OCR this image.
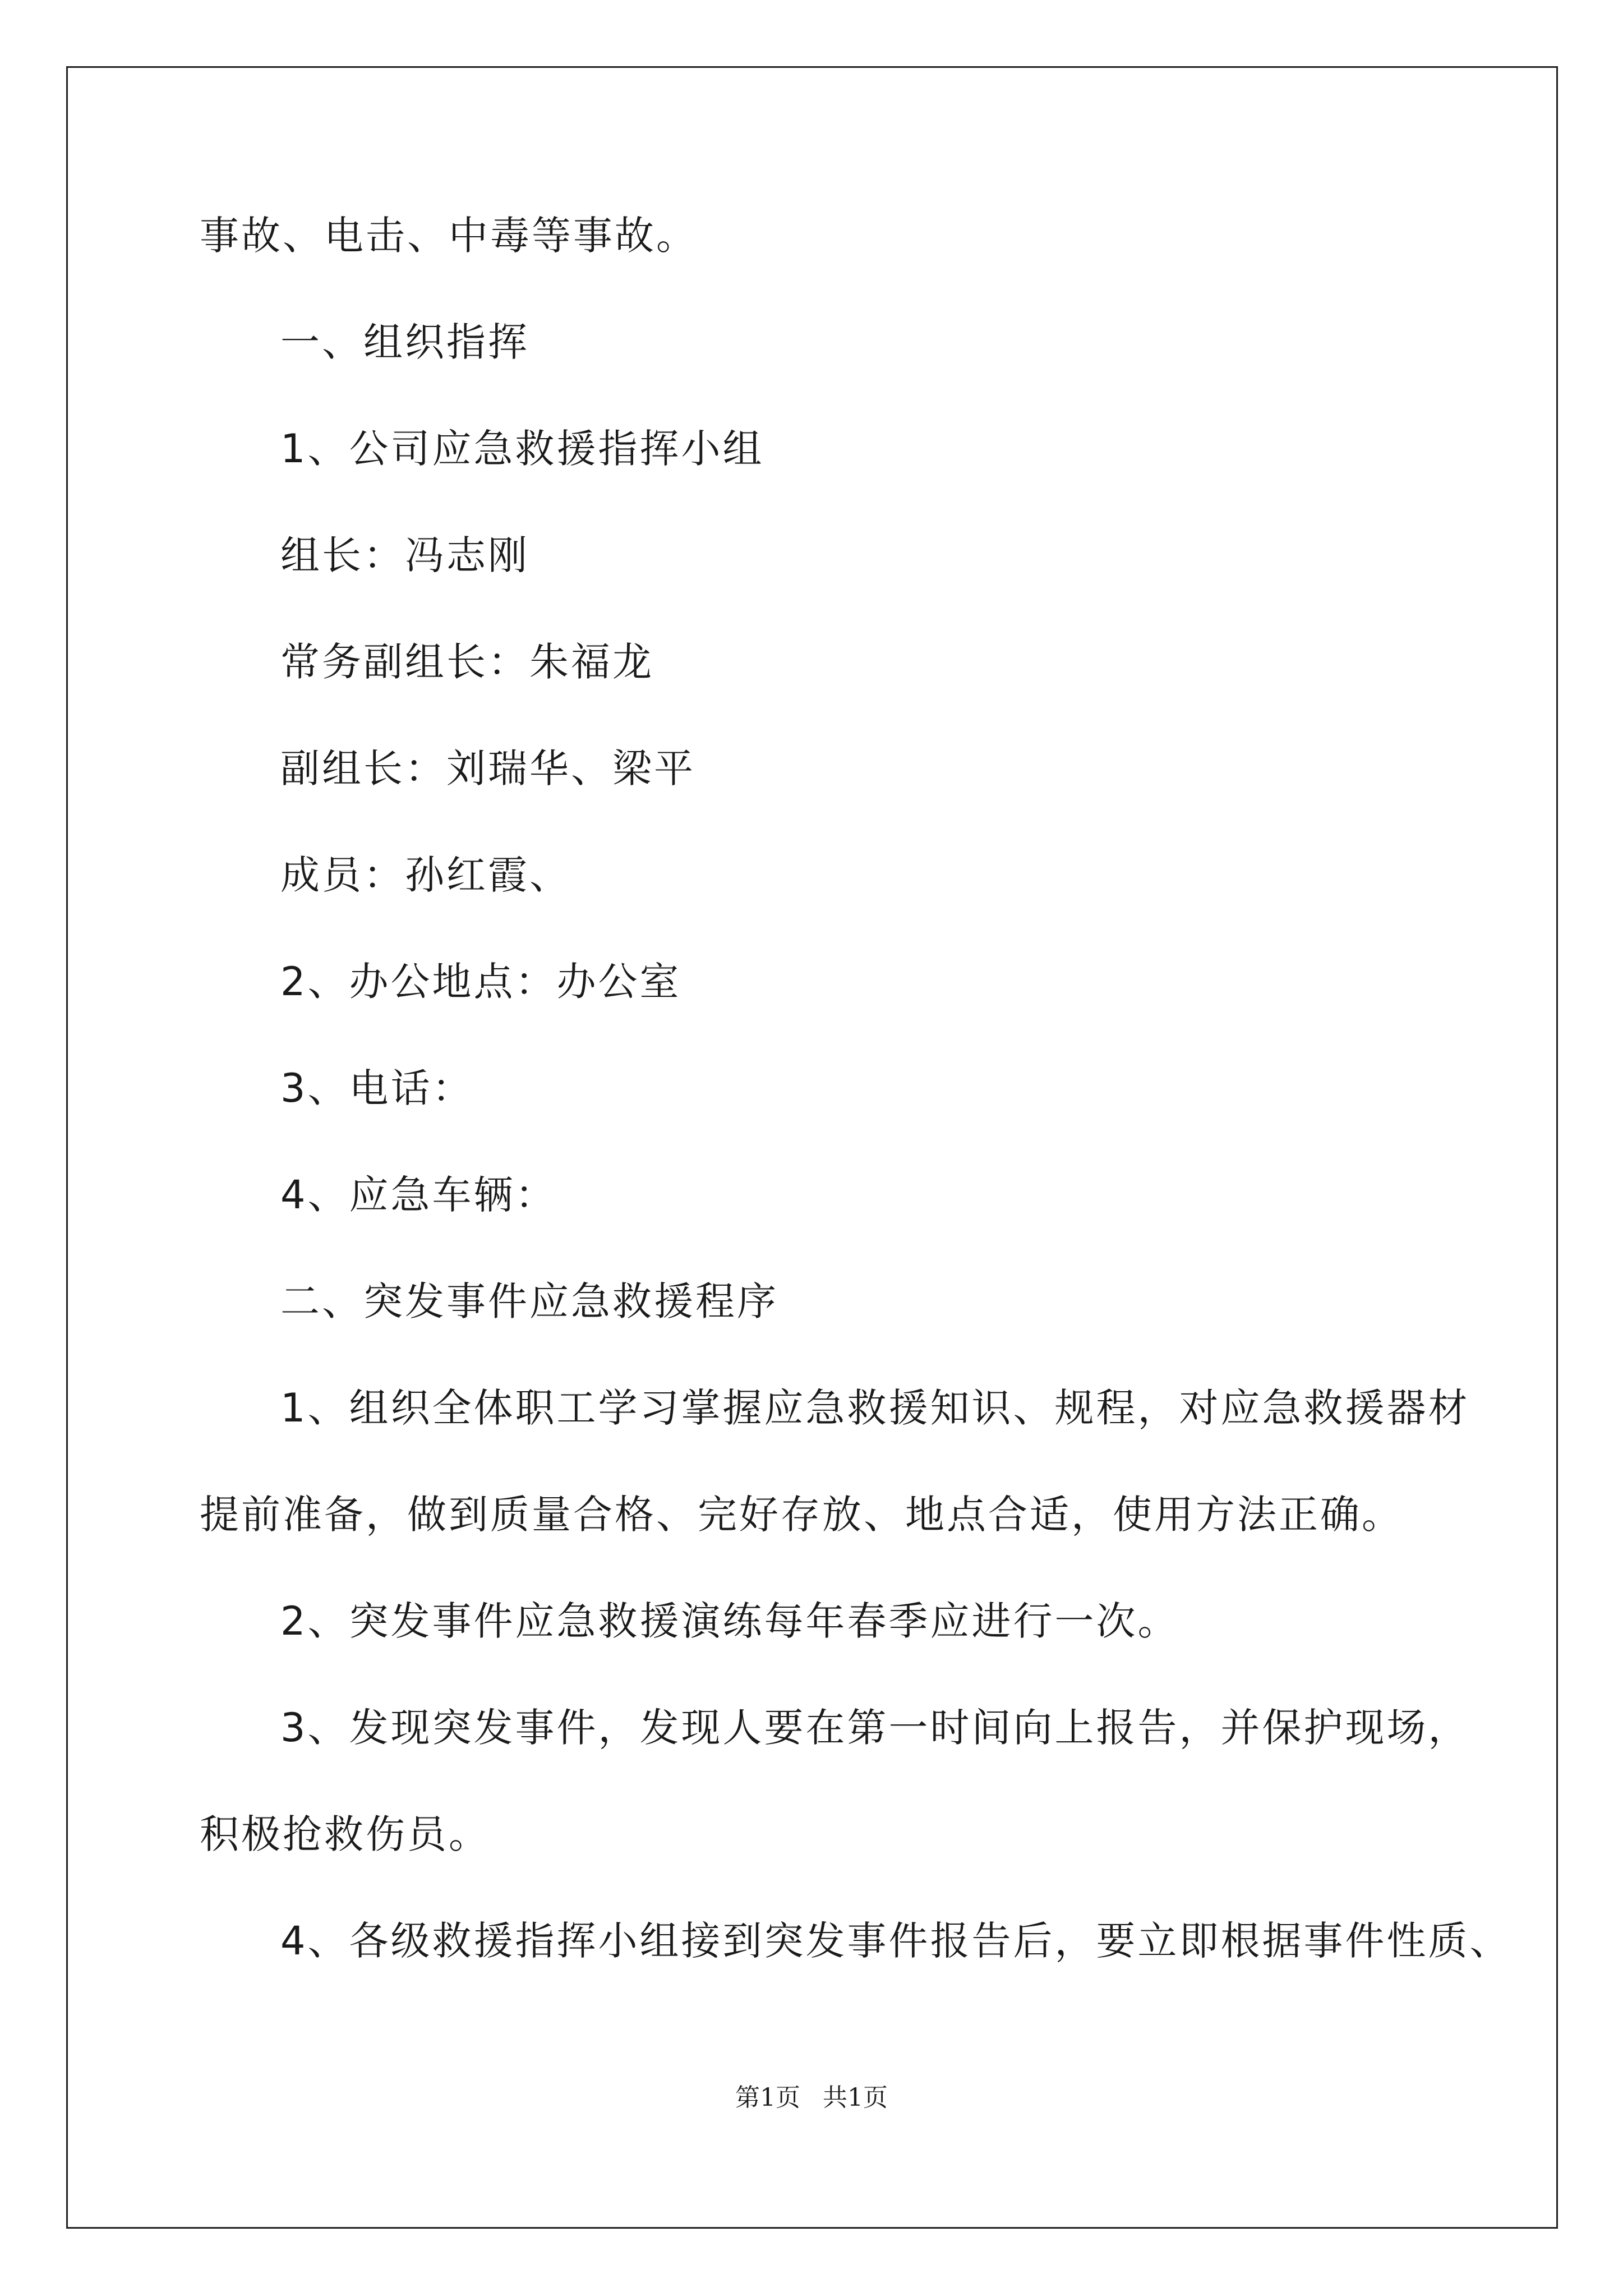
事故、电击、中毒等事故。
一、组织指挥
1、公司应急救援指挥小组
组长：冯志刚
常务副组长：朱福龙
副组长：刘瑞华、梁平
成员：孙红霞、
2、办公地点：办公室
3、电话：
4、应急车辆：
二、突发事件应急救援程序
1、组织全体职工学习掌握应急救援知识、规程，对应急救援器材
提前准备，做到质量合格、完好存放、地点合适，使用方法正确。
2、突发事件应急救援演练每年春季应进行一次。
3、发现突发事件，发现人要在第一时间向上报告，并保护现场，
积极抢救伤员。
4、各级救援指挥小组接到突发事件报告后，要立即根据事件性质、
第1页 共1页
